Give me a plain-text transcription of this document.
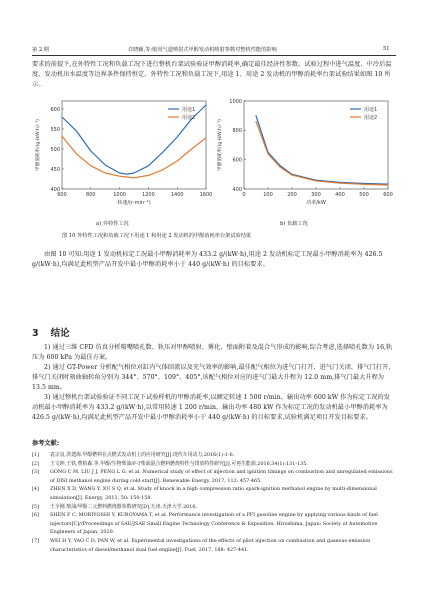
第 2 期	许晓颖,等:船用气道喷射式甲醇发动机喷射参数对整机性能的影响	51

要求的前提下,在外特性工况和负载工况下进行整机台架试验验证甲醇消耗率,确定最佳经济性参数。试验过程中进气温度、中冷后温度、发动机出水温度等边界条件保持恒定。外特性工况和负载工况下,用途 1、用途 2 发动机的甲醇消耗率台架试验结果如图 10 所示。

600	800	1000	1200	1400	1600
400
450
500
550
600
转速/(r·min⁻¹)
甲醇消耗率/(g·(kW·h)⁻¹)
用途1
用途2
0	100	200	300	400	500	600
400
600
800
1000
功率/kW
甲醇消耗率/(g·(kW·h)⁻¹)
用途1
用途2
a) 外特性工况	b) 负载工况
图 10 外特性工况和负载工况下用途 1 和用途 2 发动机的甲醇消耗率台架试验结果

由图 10 可知:用途 1 发动机标定工况最小甲醇消耗率为 433.2 g/(kW·h),用途 2 发动机标定工况最小甲醇消耗率为 426.5 g/(kW·h),均满足此机型产品开发中最小甲醇消耗率小于 440 g/(kW·h) 的目标要求。

3 结论

1) 通过三维 CFD 仿真分析喷嘴喷孔数、轨压对甲醇喷射、雾化、壁面附着及混合气形成的影响,综合考虑,选择喷孔数为 16,轨压为 600 kPa 为最佳方案。

2) 通过 GT-Power 分析配气相位对缸内气体回流以及充气效率的影响,最佳配气相位为进气门打开、进气门关闭、排气门打开、排气门关闭时刻曲轴转角分别为 344°、570°、109°、405°,该配气相位对应的进气门最大升程为 12.0 mm,排气门最大升程为 13.5 mm。

3) 通过整机台架试验验证不同工况下试验样机的甲醇消耗率,以额定转速 1 500 r/min、输出功率 600 kW 作为标定工况的发动机最小甲醇消耗率为 433.2 g/(kW·h),以常用转速 1 200 r/min、输出功率 480 kW 作为标定工况的发动机最小甲醇消耗率为 426.5 g/(kW·h),均满足此机型产品开发中最小甲醇消耗率小于 440 g/(kW·h) 的目标要求,试验机满足项目开发目标要求。

参考文献:
[1]	袁宗良,洪建海.甲醇燃料在点燃式发动机上的应用研究[J].现代车用动力,2016(1):1-6.
[2]	王文坤,王铁,曹柏森,等.甲醇/生物柴油/F-T柴油混合燃料燃烧特性与排放特性研究[J].可再生能源,2016,34(1):131-135.
[3]	GONG C M, LIU J J, PENG L G, et al. Numerical study of effect of injection and ignition timings on combustion and unregulated emissions of DISI methanol engine during cold start[J]. Renewable Energy, 2017, 112: 457-465.
[4]	ZHEN X D, WANG Y, XU S Q, et al. Study of knock in a high compression ratio spark-ignition methanol engine by multi-dimensional simulation[J]. Energy, 2013, 50: 150-159.
[5]	王全刚.柴油/甲醇二元燃料燃烧器参数研究[D].天津:天津大学,2016.
[6]	SHEN F C, MORIYOSHI Y, KUBOYAMA T, et al. Performance investigation of a PFI gasoline engine by applying various kinds of fuel injectors[C]//Proceedings of SAE/JSAE Small Engine Technology Conference & Exposition. Hiroshima, Japan: Society of Automotive Engineers of Japan, 2020.
[7]	WEI H Y, YAO C D, PAN W, et al. Experimental investigations of the effects of pilot injection on combustion and gaseous emission characteristics of diesel/methanol dual fuel engine[J]. Fuel, 2017, 188: 427-441.
